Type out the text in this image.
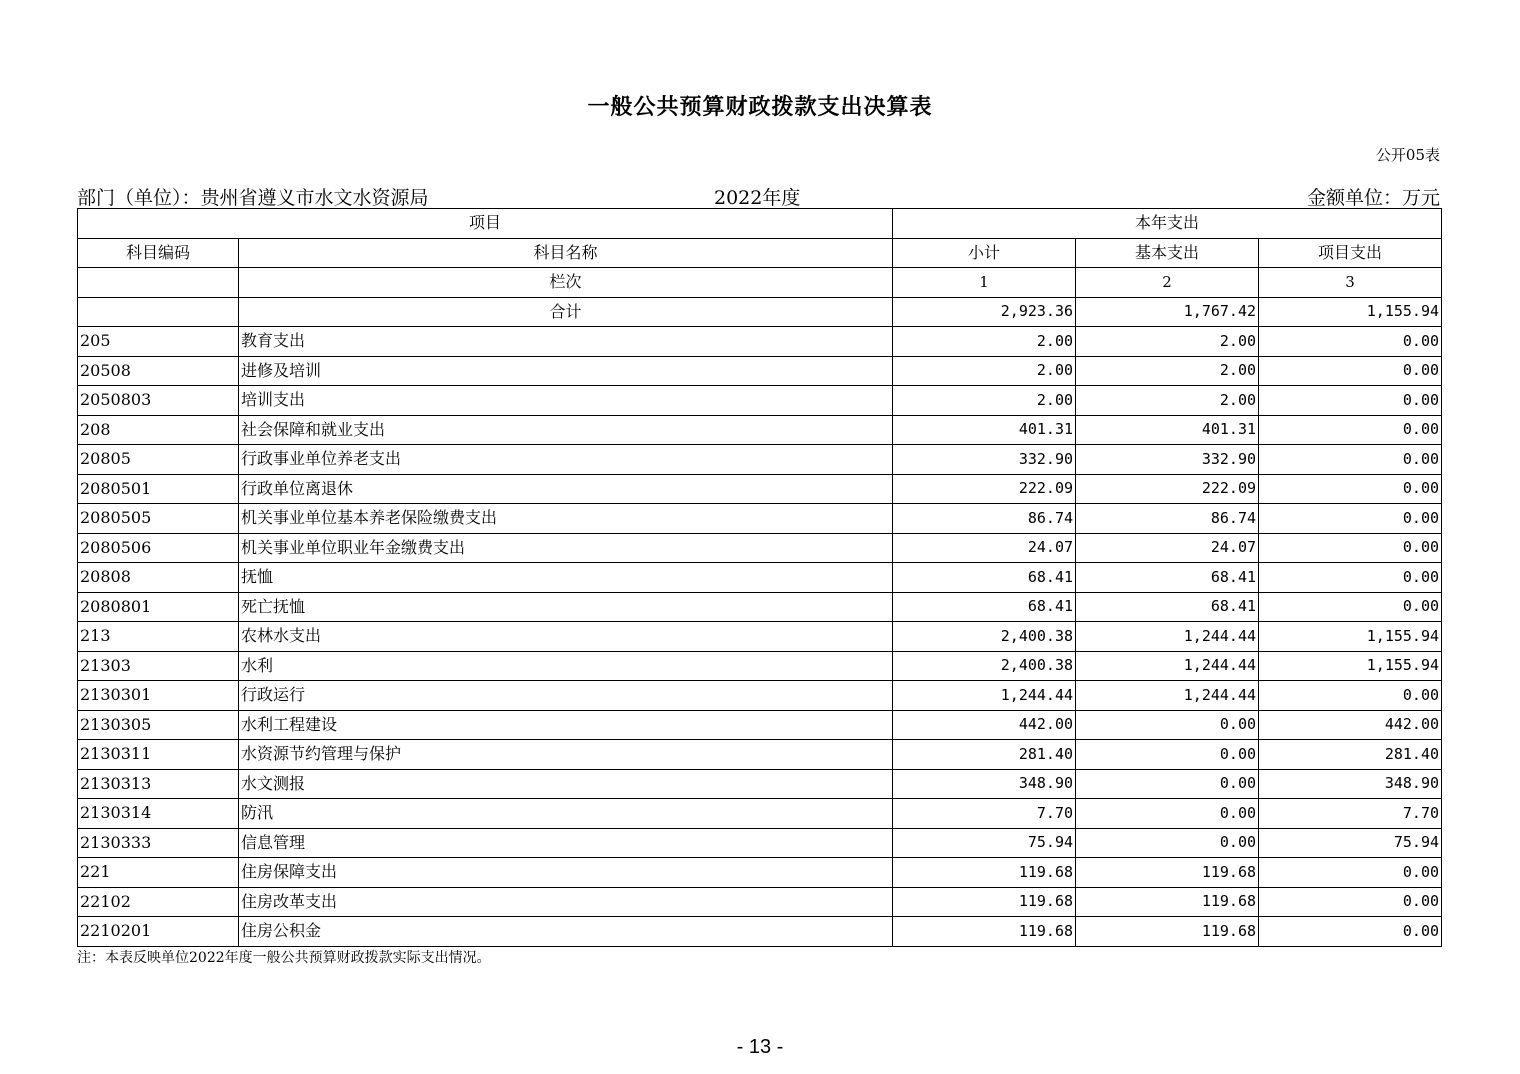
一般公共预算财政拨款支出决算表
公开05表
部门（单位）：贵州省遵义市水文水资源局	2022年度	金额单位：万元
项目		本年支出		
科目编码	科目名称	小计	基本支出	项目支出
	栏次	1	2	3
	合计	2,923.36	1,767.42	1,155.94
205	教育支出	2.00	2.00	0.00
20508	进修及培训	2.00	2.00	0.00
2050803	培训支出	2.00	2.00	0.00
208	社会保障和就业支出	401.31	401.31	0.00
20805	行政事业单位养老支出	332.90	332.90	0.00
2080501	行政单位离退休	222.09	222.09	0.00
2080505	机关事业单位基本养老保险缴费支出	86.74	86.74	0.00
2080506	机关事业单位职业年金缴费支出	24.07	24.07	0.00
20808	抚恤	68.41	68.41	0.00
2080801	死亡抚恤	68.41	68.41	0.00
213	农林水支出	2,400.38	1,244.44	1,155.94
21303	水利	2,400.38	1,244.44	1,155.94
2130301	行政运行	1,244.44	1,244.44	0.00
2130305	水利工程建设	442.00	0.00	442.00
2130311	水资源节约管理与保护	281.40	0.00	281.40
2130313	水文测报	348.90	0.00	348.90
2130314	防汛	7.70	0.00	7.70
2130333	信息管理	75.94	0.00	75.94
221	住房保障支出	119.68	119.68	0.00
22102	住房改革支出	119.68	119.68	0.00
2210201	住房公积金	119.68	119.68	0.00
注：本表反映单位2022年度一般公共预算财政拨款实际支出情况。
- 13 -
